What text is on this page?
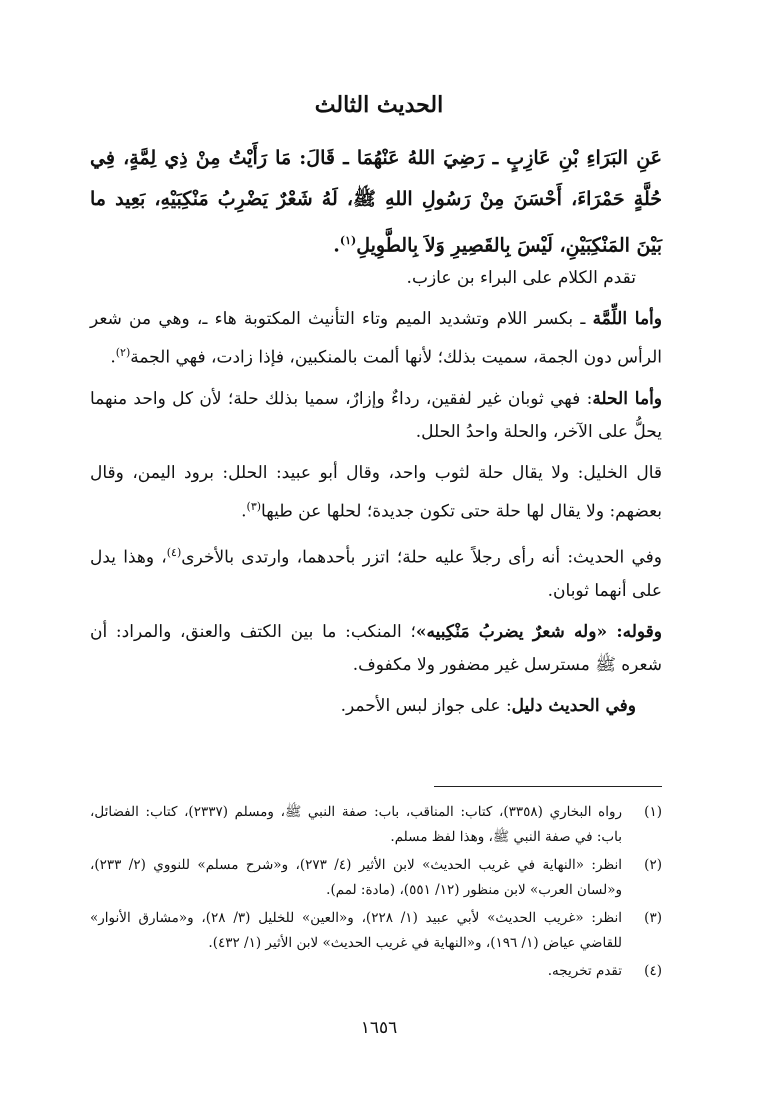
الحديث الثالث
عَنِ البَرَاءِ بْنِ عَازِبٍ ـ رَضِيَ اللهُ عَنْهُمَا ـ قَالَ: مَا رَأَيْتُ مِنْ ذِي لِمَّةٍ، فِي حُلَّةٍ حَمْرَاءَ، أَحْسَنَ مِنْ رَسُولِ اللهِ ﷺ، لَهُ شَعْرٌ يَضْرِبُ مَنْكِبَيْهِ، بَعِيد ما بَيْنَ المَنْكِبَيْنِ، لَيْسَ بِالقَصِيرِ وَلاَ بِالطَّوِيلِ$^{(١)}$.

تقدم الكلام على البراء بن عازب.

وأما اللِّمَّة ـ بكسر اللام وتشديد الميم وتاء التأنيث المكتوبة هاء ـ، وهي من شعر الرأس دون الجمة، سميت بذلك؛ لأنها ألمت بالمنكبين، فإذا زادت، فهي الجمة$^{(٢)}$.

وأما الحلة: فهي ثوبان غير لفقين، رداءٌ وإزارٌ، سميا بذلك حلة؛ لأن كل واحد منهما يحلُّ على الآخر، والحلة واحدُ الحلل.

قال الخليل: ولا يقال حلة لثوب واحد، وقال أبو عبيد: الحلل: برود اليمن، وقال بعضهم: ولا يقال لها حلة حتى تكون جديدة؛ لحلها عن طيها$^{(٣)}$.

وفي الحديث: أنه رأى رجلاً عليه حلة؛ اتزر بأحدهما، وارتدى بالأخرى$^{(٤)}$، وهذا يدل على أنهما ثوبان.

وقوله: «وله شعرٌ يضربُ مَنْكِبيه»؛ المنكب: ما بين الكتف والعنق، والمراد: أن شعره ﷺ مسترسل غير مضفور ولا مكفوف.

وفي الحديث دليل: على جواز لبس الأحمر.

(١)
رواه البخاري (٣٣٥٨)، كتاب: المناقب، باب: صفة النبي ﷺ، ومسلم (٢٣٣٧)، كتاب: الفضائل، باب: في صفة النبي ﷺ، وهذا لفظ مسلم.
(٢)
انظر: «النهاية في غريب الحديث» لابن الأثير (٤/ ٢٧٣)، و«شرح مسلم» للنووي (٢/ ٢٣٣)، و«لسان العرب» لابن منظور (١٢/ ٥٥١)، (مادة: لمم).
(٣)
انظر: «غريب الحديث» لأبي عبيد (١/ ٢٢٨)، و«العين» للخليل (٣/ ٢٨)، و«مشارق الأنوار» للقاضي عياض (١/ ١٩٦)، و«النهاية في غريب الحديث» لابن الأثير (١/ ٤٣٢).
(٤)
تقدم تخريجه.
١٦٥٦
